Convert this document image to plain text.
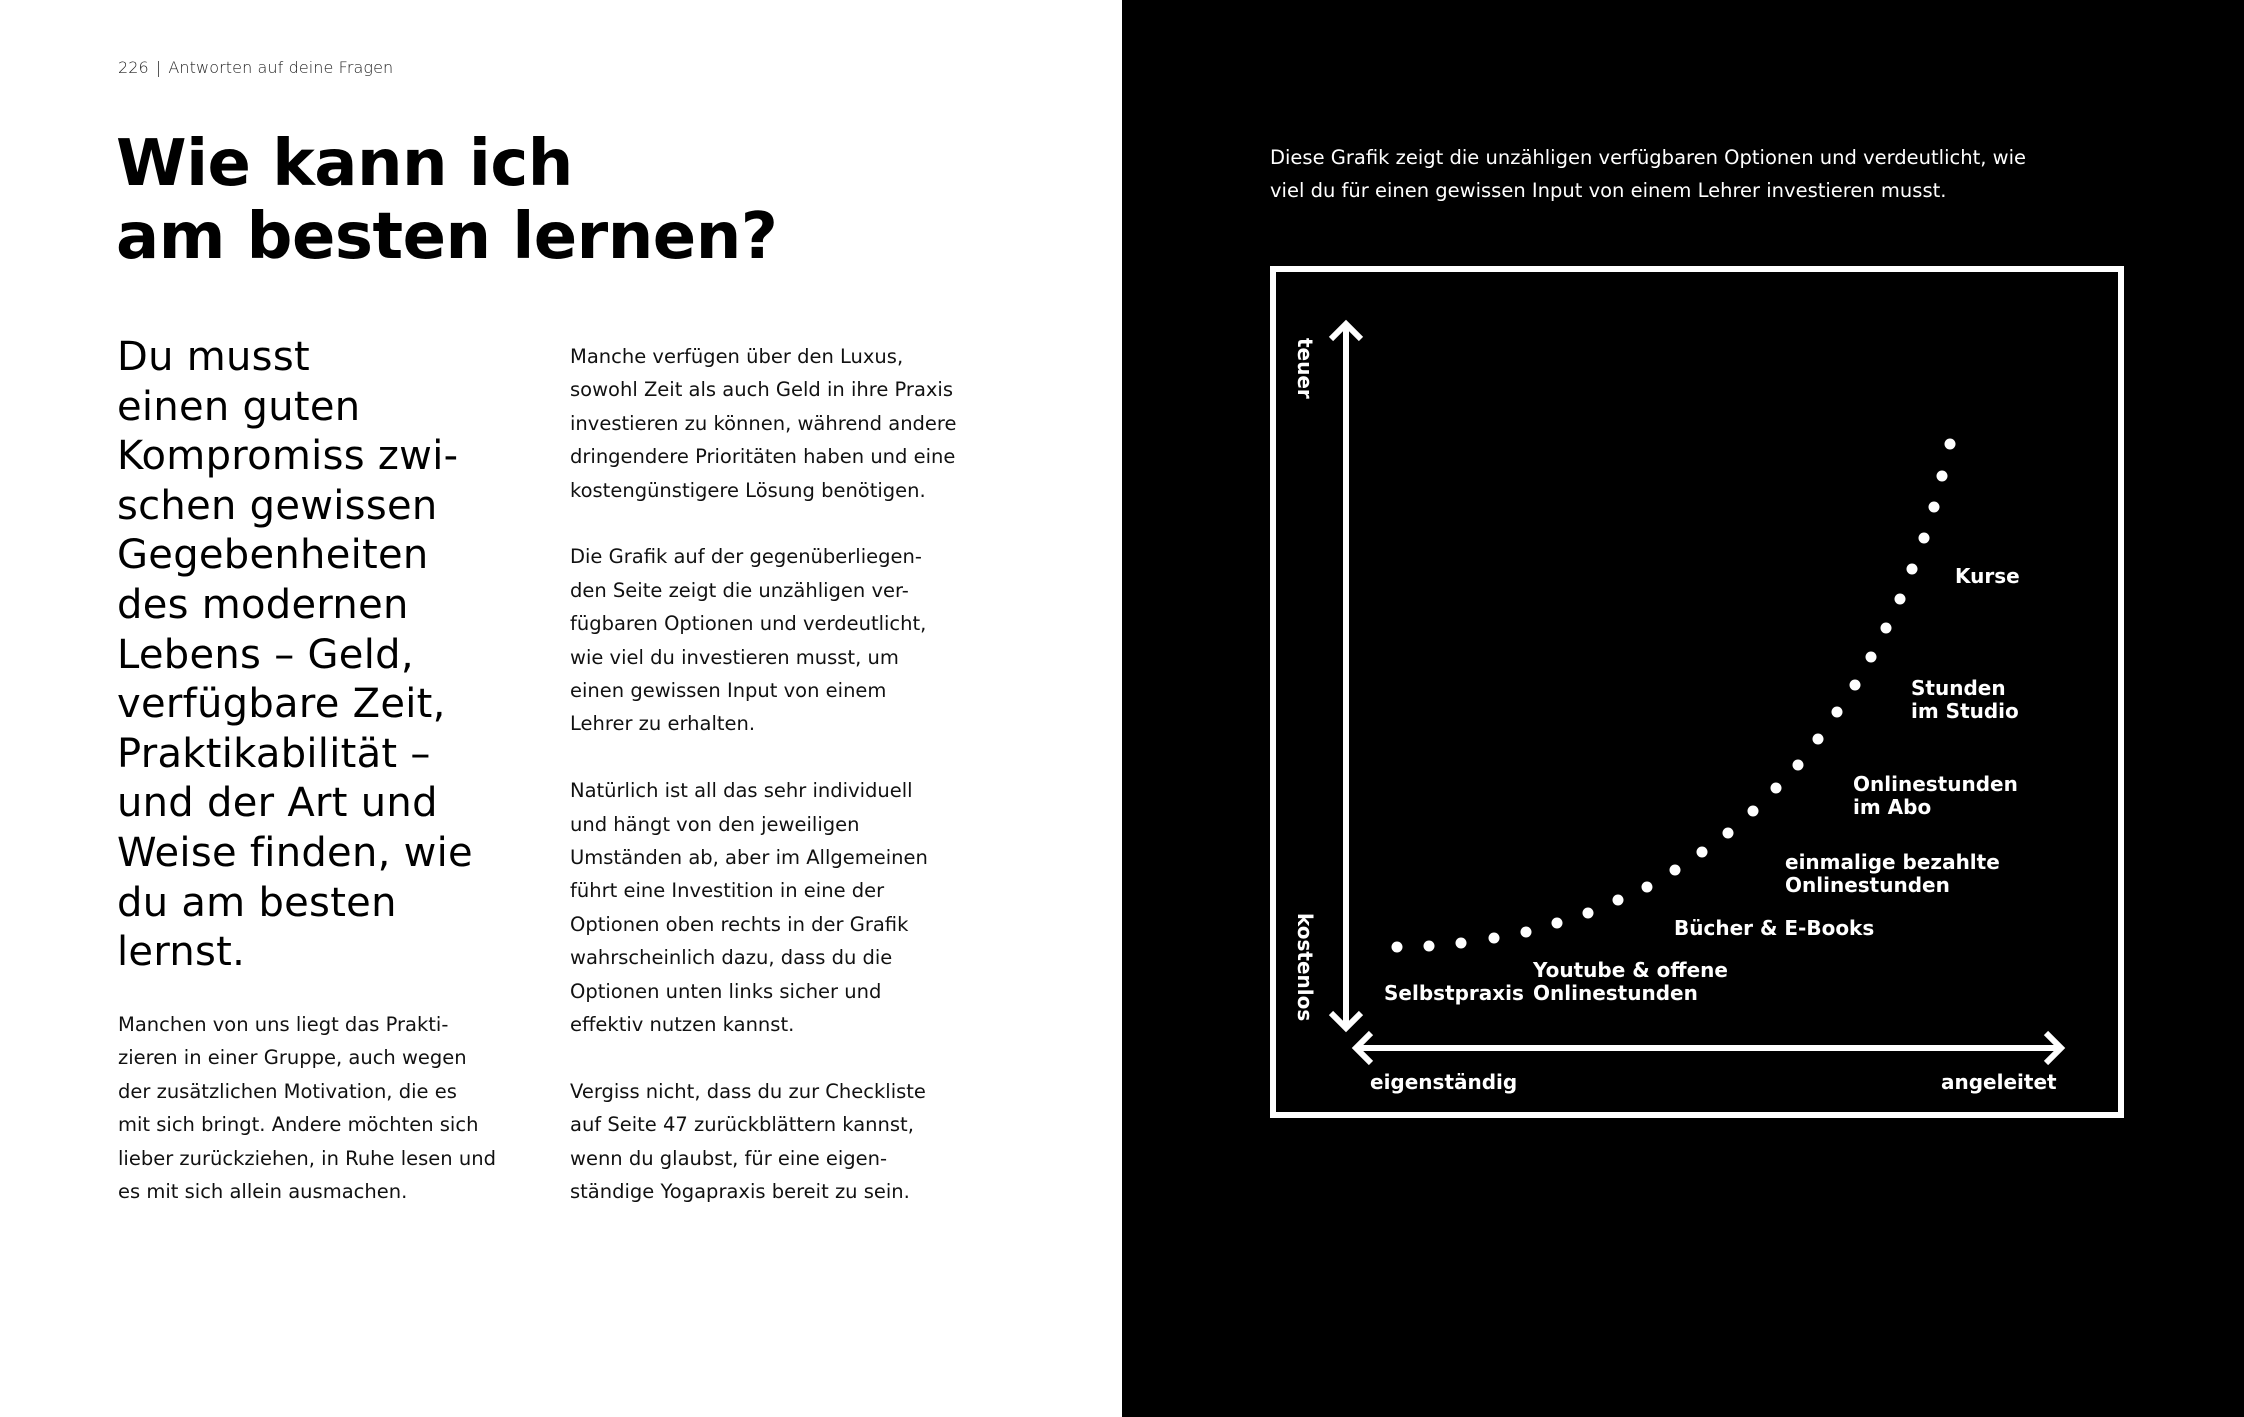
226 | Antworten auf deine Fragen
Wie kann ich
am besten lernen?
Du musst
einen guten
Kompromiss zwi-
schen gewissen
Gegebenheiten
des modernen
Lebens – Geld,
verfügbare Zeit,
Praktikabilität –
und der Art und
Weise finden, wie
du am besten
lernst.
Manchen von uns liegt das Prakti-
zieren in einer Gruppe, auch wegen
der zusätzlichen Motivation, die es
mit sich bringt. Andere möchten sich
lieber zurückziehen, in Ruhe lesen und
es mit sich allein ausmachen.

Manche verfügen über den Luxus,
sowohl Zeit als auch Geld in ihre Praxis
investieren zu können, während andere
dringendere Prioritäten haben und eine
kostengünstigere Lösung benötigen.

Die Grafik auf der gegenüberliegen-
den Seite zeigt die unzähligen ver-
fügbaren Optionen und verdeutlicht,
wie viel du investieren musst, um
einen gewissen Input von einem
Lehrer zu erhalten.

Natürlich ist all das sehr individuell
und hängt von den jeweiligen
Umständen ab, aber im Allgemeinen
führt eine Investition in eine der
Optionen oben rechts in der Grafik
wahrscheinlich dazu, dass du die
Optionen unten links sicher und
effektiv nutzen kannst.

Vergiss nicht, dass du zur Checkliste
auf Seite 47 zurückblättern kannst,
wenn du glaubst, für eine eigen-
ständige Yogapraxis bereit zu sein.

Diese Grafik zeigt die unzähligen verfügbaren Optionen und verdeutlicht, wie
viel du für einen gewissen Input von einem Lehrer investieren musst.
teuer
kostenlos
eigenständig	angeleitet
Selbstpraxis
Youtube & offene
Onlinestunden
Bücher & E-Books
einmalige bezahlte
Onlinestunden
Onlinestunden
im Abo
Stunden
im Studio
Kurse
